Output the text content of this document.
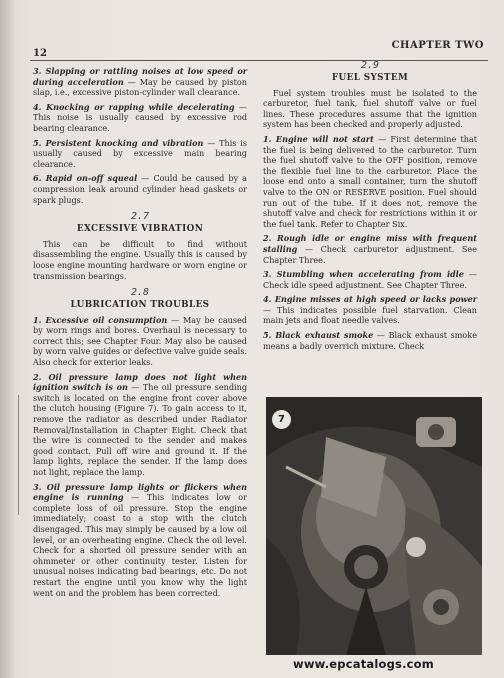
12
CHAPTER TWO

3. Slapping or rattling noises at low speed or during acceleration — May be caused by piston slap, i.e., excessive piston-cylinder wall clearance.

4. Knocking or rapping while decelerating — This noise is usually caused by excessive rod bearing clearance.

5. Persistent knocking and vibration — This is usually caused by excessive main bearing clearance.

6. Rapid on-off squeal — Could be caused by a compression leak around cylinder head gaskets or spark plugs.

2.7
EXCESSIVE VIBRATION

This can be difficult to find without disassembling the engine. Usually this is caused by loose engine mounting hardware or worn engine or transmission bearings.

2.8
LUBRICATION TROUBLES

1. Excessive oil consumption — May be caused by worn rings and bores. Overhaul is necessary to correct this; see Chapter Four. May also be caused by worn valve guides or defective valve guide seals. Also check for exterior leaks.

2. Oil pressure lamp does not light when ignition switch is on — The oil pressure sending switch is located on the engine front cover above the clutch housing (Figure 7). To gain access to it, remove the radiator as described under Radiator Removal/Installation in Chapter Eight. Check that the wire is connected to the sender and makes good contact. Pull off wire and ground it. If the lamp lights, replace the sender. If the lamp does not light, replace the lamp.

3. Oil pressure lamp lights or flickers when engine is running — This indicates low or complete loss of oil pressure. Stop the engine immediately; coast to a stop with the clutch disengaged. This may simply be caused by a low oil level, or an overheating engine. Check the oil level. Check for a shorted oil pressure sender with an ohmmeter or other continuity tester. Listen for unusual noises indicating bad bearings, etc. Do not restart the engine until you know why the light went on and the problem has been corrected.

2.9
FUEL SYSTEM

Fuel system troubles must be isolated to the carburetor, fuel tank, fuel shutoff valve or fuel lines. These procedures assume that the ignition system has been checked and properly adjusted.

1. Engine will not start — First determine that the fuel is being delivered to the carburetor. Turn the fuel shutoff valve to the OFF position, remove the flexible fuel line to the carburetor. Place the loose end onto a small container, turn the shutoff valve to the ON or RESERVE position. Fuel should run out of the tube. If it does not, remove the shutoff valve and check for restrictions within it or the fuel tank. Refer to Chapter Six.

2. Rough idle or engine miss with frequent stalling — Check carburetor adjustment. See Chapter Three.

3. Stumbling when accelerating from idle — Check idle speed adjustment. See Chapter Three.

4. Engine misses at high speed or lacks power — This indicates possible fuel starvation. Clean main jets and float needle valves.

5. Black exhaust smoke — Black exhaust smoke means a badly overrich mixture. Check

7
www.epcatalogs.com
